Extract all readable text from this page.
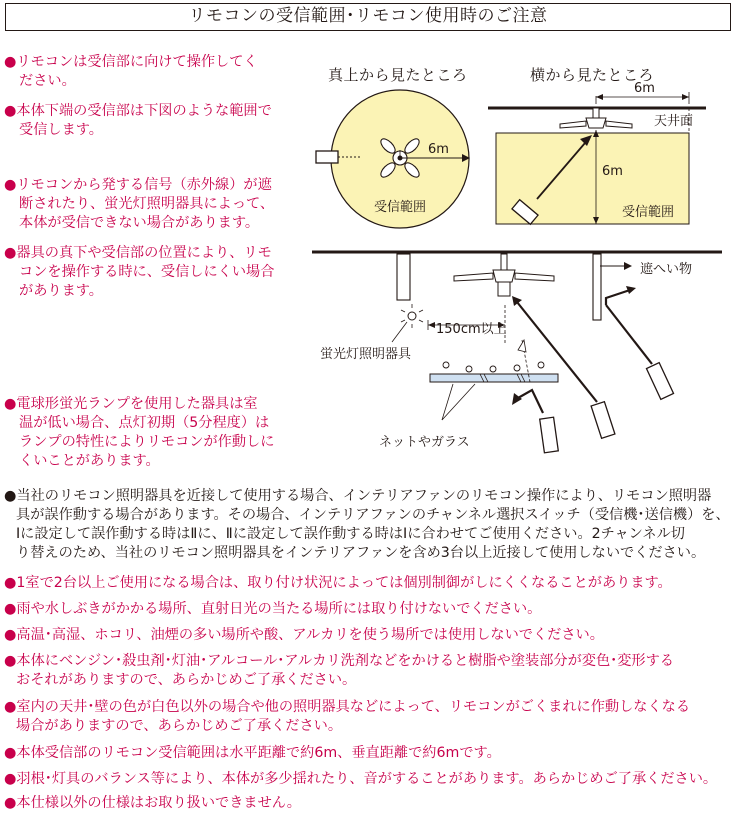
リモコンの受信範囲･リモコン使用時のご注意
●リモコンは受信部に向けて操作してく
ださい。
●本体下端の受信部は下図のような範囲で
受信します。
●リモコンから発する信号（赤外線）が遮
断されたり、蛍光灯照明器具によって、
本体が受信できない場合があります。
●器具の真下や受信部の位置により、リモ
コンを操作する時に、受信しにくい場合
があります。
●電球形蛍光ランプを使用した器具は室
温が低い場合、点灯初期（5分程度）は
ランプの特性によりリモコンが作動しに
くいことがあります。
真上から見たところ	横から見たところ
6m
受信範囲
6m
天井面
6m
受信範囲
遮へい物
150cm以上
蛍光灯照明器具
ネットやガラス
●当社のリモコン照明器具を近接して使用する場合、インテリアファンのリモコン操作により、リモコン照明器
具が誤作動する場合があります。その場合、インテリアファンのチャンネル選択スイッチ（受信機･送信機）を、
Ⅰに設定して誤作動する時はⅡに、Ⅱに設定して誤作動する時はⅠに合わせてご使用ください。2チャンネル切
り替えのため、当社のリモコン照明器具をインテリアファンを含め3台以上近接して使用しないでください。
●1室で2台以上ご使用になる場合は、取り付け状況によっては個別制御がしにくくなることがあります。
●雨や水しぶきがかかる場所、直射日光の当たる場所には取り付けないでください。
●高温･高湿、ホコリ、油煙の多い場所や酸、アルカリを使う場所では使用しないでください。
●本体にベンジン･殺虫剤･灯油･アルコール･アルカリ洗剤などをかけると樹脂や塗装部分が変色･変形する
おそれがありますので、あらかじめご了承ください。
●室内の天井･壁の色が白色以外の場合や他の照明器具などによって、リモコンがごくまれに作動しなくなる
場合がありますので、あらかじめご了承ください。
●本体受信部のリモコン受信範囲は水平距離で約6m、垂直距離で約6mです。
●羽根･灯具のバランス等により、本体が多少揺れたり、音がすることがあります。あらかじめご了承ください。
●本仕様以外の仕様はお取り扱いできません。
